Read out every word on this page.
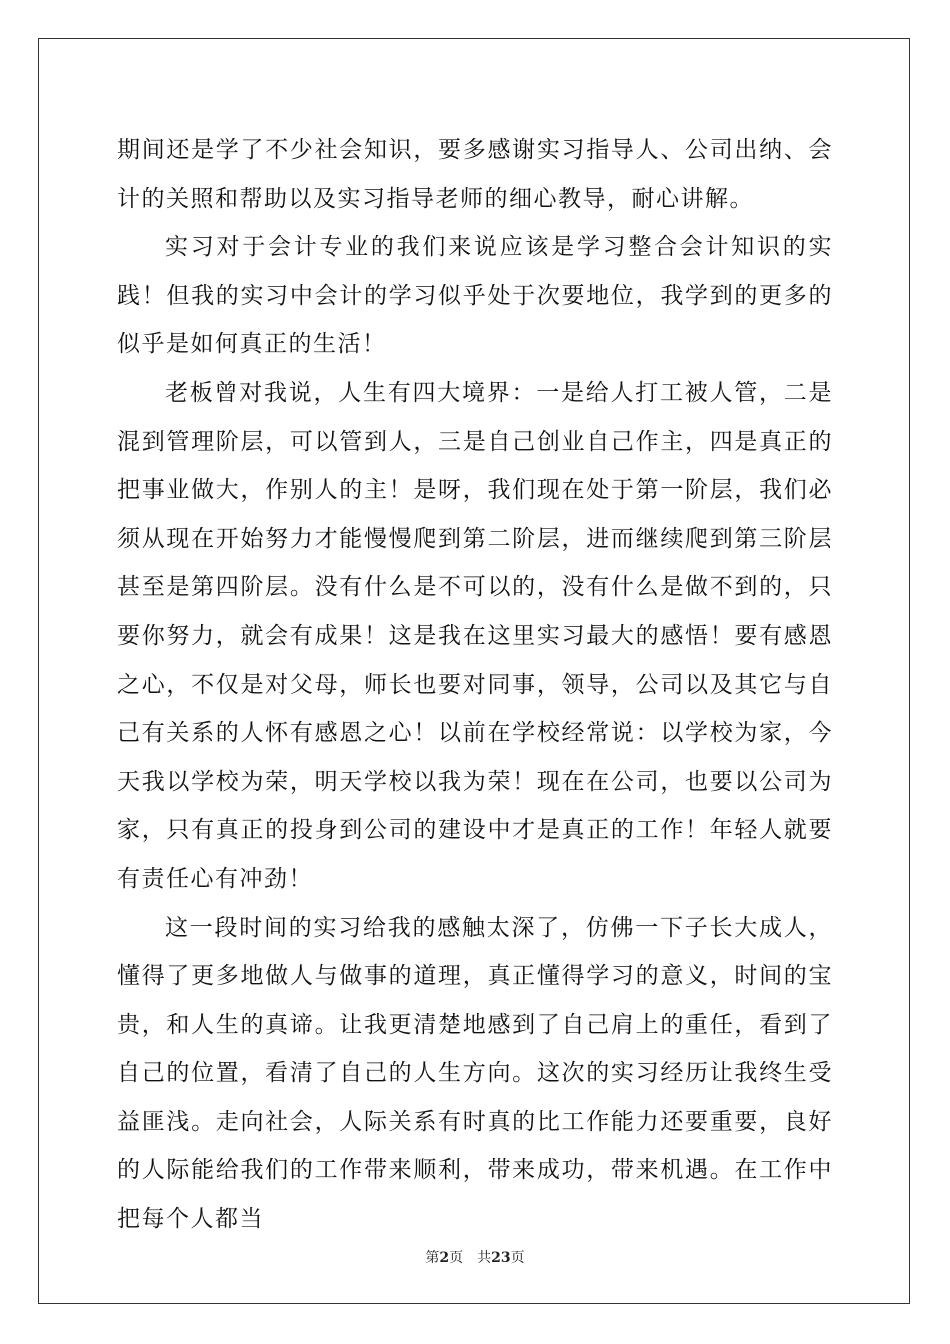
期间还是学了不少社会知识，要多感谢实习指导人、公司出纳、会计的关照和帮助以及实习指导老师的细心教导，耐心讲解。

实习对于会计专业的我们来说应该是学习整合会计知识的实践！但我的实习中会计的学习似乎处于次要地位，我学到的更多的似乎是如何真正的生活！

老板曾对我说，人生有四大境界：一是给人打工被人管，二是混到管理阶层，可以管到人，三是自己创业自己作主，四是真正的把事业做大，作别人的主！是呀，我们现在处于第一阶层，我们必须从现在开始努力才能慢慢爬到第二阶层，进而继续爬到第三阶层甚至是第四阶层。没有什么是不可以的，没有什么是做不到的，只要你努力，就会有成果！这是我在这里实习最大的感悟！要有感恩之心，不仅是对父母，师长也要对同事，领导，公司以及其它与自己有关系的人怀有感恩之心！以前在学校经常说：以学校为家，今天我以学校为荣，明天学校以我为荣！现在在公司，也要以公司为家，只有真正的投身到公司的建设中才是真正的工作！年轻人就要有责任心有冲劲！

这一段时间的实习给我的感触太深了，仿佛一下子长大成人，懂得了更多地做人与做事的道理，真正懂得学习的意义，时间的宝贵，和人生的真谛。让我更清楚地感到了自己肩上的重任，看到了自己的位置，看清了自己的人生方向。这次的实习经历让我终生受益匪浅。走向社会，人际关系有时真的比工作能力还要重要，良好的人际能给我们的工作带来顺利，带来成功，带来机遇。在工作中把每个人都当

第2页 共23页
